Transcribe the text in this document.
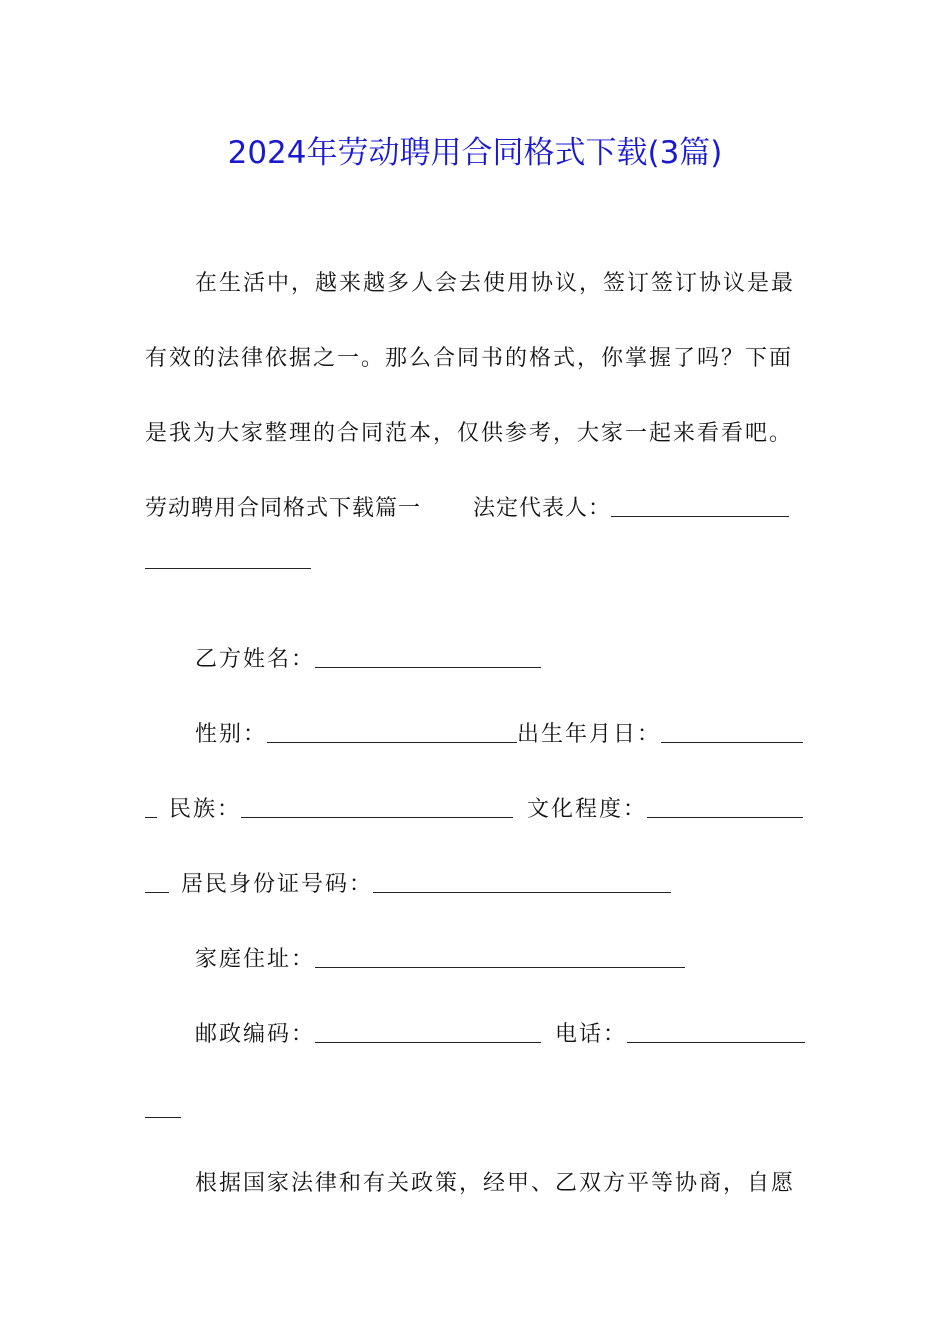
2024年劳动聘用合同格式下载(3篇)
在生活中，越来越多人会去使用协议，签订签订协议是最
有效的法律依据之一。那么合同书的格式，你掌握了吗？下面
是我为大家整理的合同范本，仅供参考，大家一起来看看吧。
劳动聘用合同格式下载篇一 法定代表人：
乙方姓名：
性别：	出生年月日：
民族：	文化程度：
居民身份证号码：
家庭住址：
邮政编码：	电话：
根据国家法律和有关政策，经甲、乙双方平等协商，自愿
